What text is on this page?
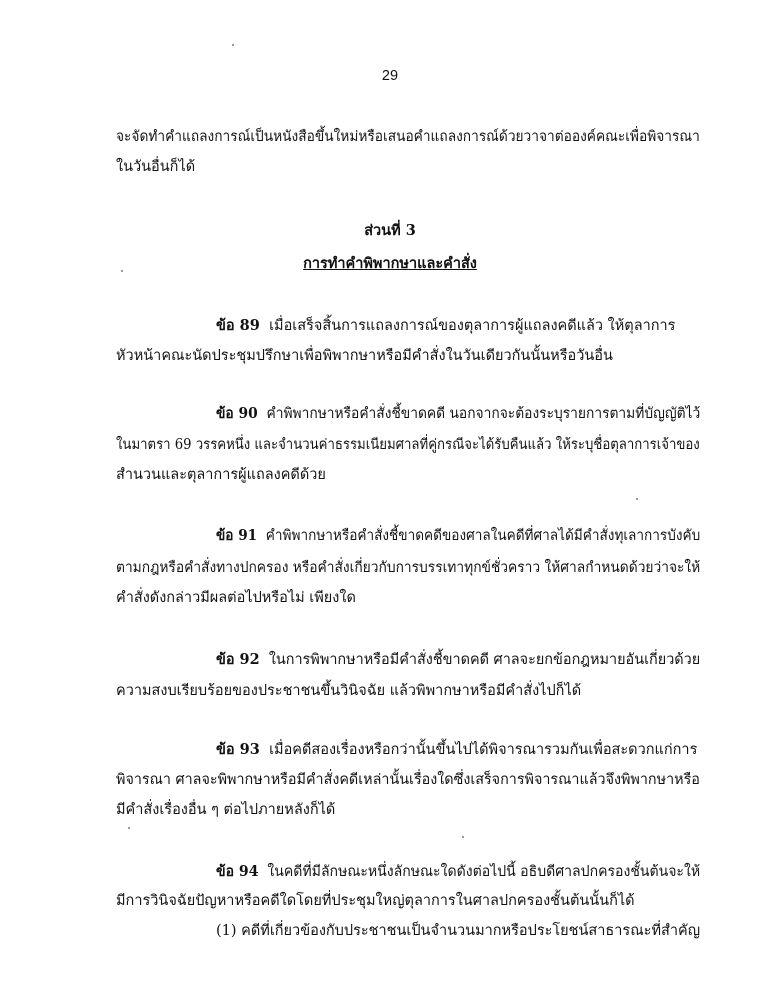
29
จะจัดทำคำแถลงการณ์เป็นหนังสือขึ้นใหม่หรือเสนอคำแถลงการณ์ด้วยวาจาต่อองค์คณะเพื่อพิจารณา
ในวันอื่นก็ได้
ส่วนที่ 3
การทำคำพิพากษาและคำสั่ง
ข้อ 89 เมื่อเสร็จสิ้นการแถลงการณ์ของตุลาการผู้แถลงคดีแล้ว ให้ตุลาการ
หัวหน้าคณะนัดประชุมปรึกษาเพื่อพิพากษาหรือมีคำสั่งในวันเดียวกันนั้นหรือวันอื่น
ข้อ 90 คำพิพากษาหรือคำสั่งชี้ขาดคดี นอกจากจะต้องระบุรายการตามที่บัญญัติไว้
ในมาตรา 69 วรรคหนึ่ง และจำนวนค่าธรรมเนียมศาลที่คู่กรณีจะได้รับคืนแล้ว ให้ระบุชื่อตุลาการเจ้าของ
สำนวนและตุลาการผู้แถลงคดีด้วย
ข้อ 91 คำพิพากษาหรือคำสั่งชี้ขาดคดีของศาลในคดีที่ศาลได้มีคำสั่งทุเลาการบังคับ
ตามกฎหรือคำสั่งทางปกครอง หรือคำสั่งเกี่ยวกับการบรรเทาทุกข์ชั่วคราว ให้ศาลกำหนดด้วยว่าจะให้
คำสั่งดังกล่าวมีผลต่อไปหรือไม่ เพียงใด
ข้อ 92 ในการพิพากษาหรือมีคำสั่งชี้ขาดคดี ศาลจะยกข้อกฎหมายอันเกี่ยวด้วย
ความสงบเรียบร้อยของประชาชนขึ้นวินิจฉัย แล้วพิพากษาหรือมีคำสั่งไปก็ได้
ข้อ 93 เมื่อคดีสองเรื่องหรือกว่านั้นขึ้นไปได้พิจารณารวมกันเพื่อสะดวกแก่การ
พิจารณา ศาลจะพิพากษาหรือมีคำสั่งคดีเหล่านั้นเรื่องใดซึ่งเสร็จการพิจารณาแล้วจึงพิพากษาหรือ
มีคำสั่งเรื่องอื่น ๆ ต่อไปภายหลังก็ได้
ข้อ 94 ในคดีที่มีลักษณะหนึ่งลักษณะใดดังต่อไปนี้ อธิบดีศาลปกครองชั้นต้นจะให้
มีการวินิจฉัยปัญหาหรือคดีใดโดยที่ประชุมใหญ่ตุลาการในศาลปกครองชั้นต้นนั้นก็ได้
(1) คดีที่เกี่ยวข้องกับประชาชนเป็นจำนวนมากหรือประโยชน์สาธารณะที่สำคัญ
